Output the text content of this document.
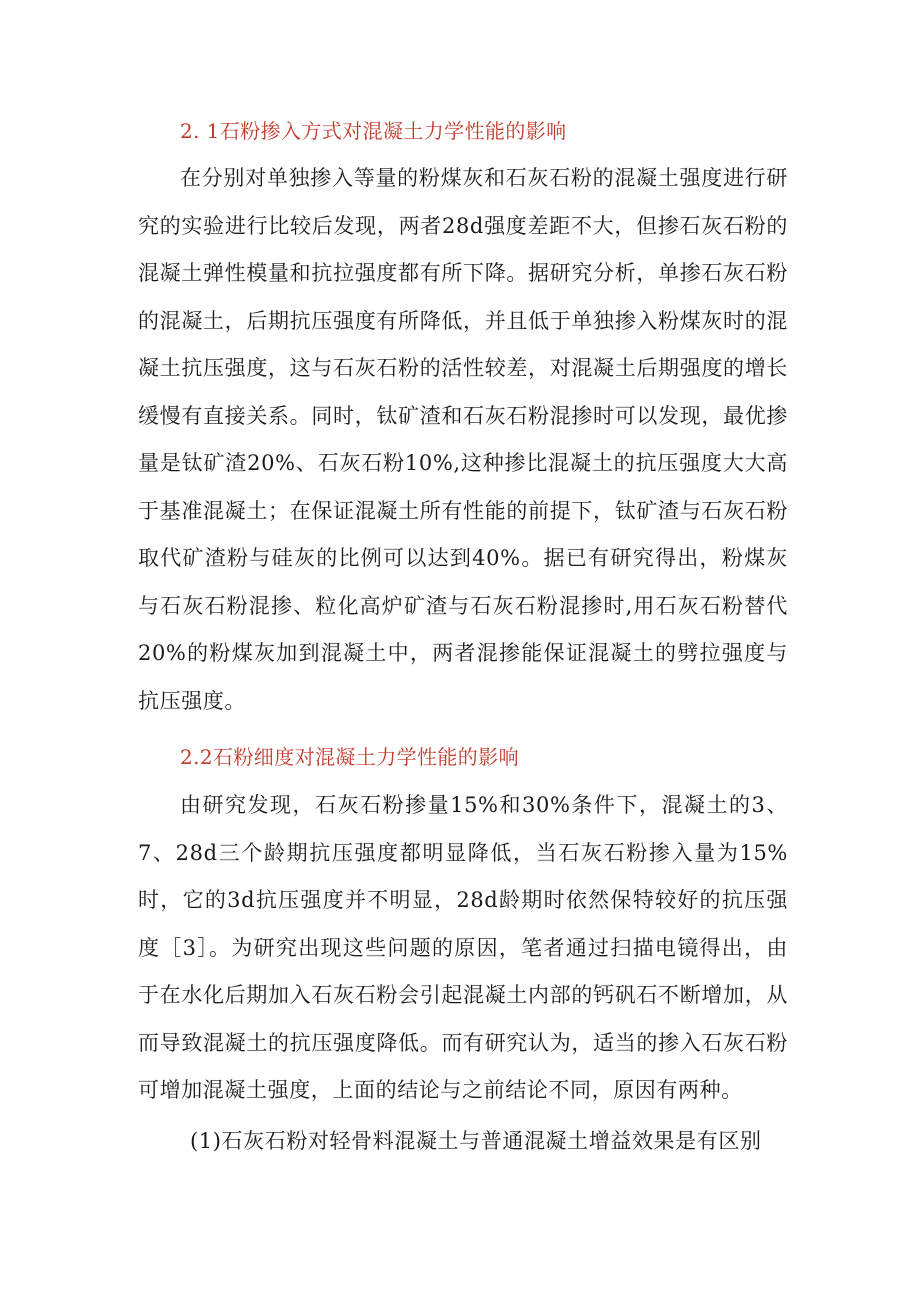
2. 1石粉掺入方式对混凝土力学性能的影响
在分别对单独掺入等量的粉煤灰和石灰石粉的混凝土强度进行研究的实验进行比较后发现，两者28d强度差距不大，但掺石灰石粉的混凝土弹性模量和抗拉强度都有所下降。据研究分析，单掺石灰石粉的混凝土，后期抗压强度有所降低，并且低于单独掺入粉煤灰时的混凝土抗压强度，这与石灰石粉的活性较差，对混凝土后期强度的增长缓慢有直接关系。同时，钛矿渣和石灰石粉混掺时可以发现，最优掺量是钛矿渣20%、石灰石粉10%,这种掺比混凝土的抗压强度大大高于基准混凝土；在保证混凝土所有性能的前提下，钛矿渣与石灰石粉取代矿渣粉与硅灰的比例可以达到40%。据已有研究得出，粉煤灰与石灰石粉混掺、粒化高炉矿渣与石灰石粉混掺时,用石灰石粉替代20%的粉煤灰加到混凝土中，两者混掺能保证混凝土的劈拉强度与抗压强度。
2.2石粉细度对混凝土力学性能的影响
由研究发现，石灰石粉掺量15%和30%条件下，混凝土的3、7、28d三个龄期抗压强度都明显降低，当石灰石粉掺入量为15%时，它的3d抗压强度并不明显，28d龄期时依然保特较好的抗压强度［3］。为研究出现这些问题的原因，笔者通过扫描电镜得出，由于在水化后期加入石灰石粉会引起混凝土内部的钙矾石不断增加，从而导致混凝土的抗压强度降低。而有研究认为，适当的掺入石灰石粉可增加混凝土强度，上面的结论与之前结论不同，原因有两种。
(1)石灰石粉对轻骨料混凝土与普通混凝土增益效果是有区别
